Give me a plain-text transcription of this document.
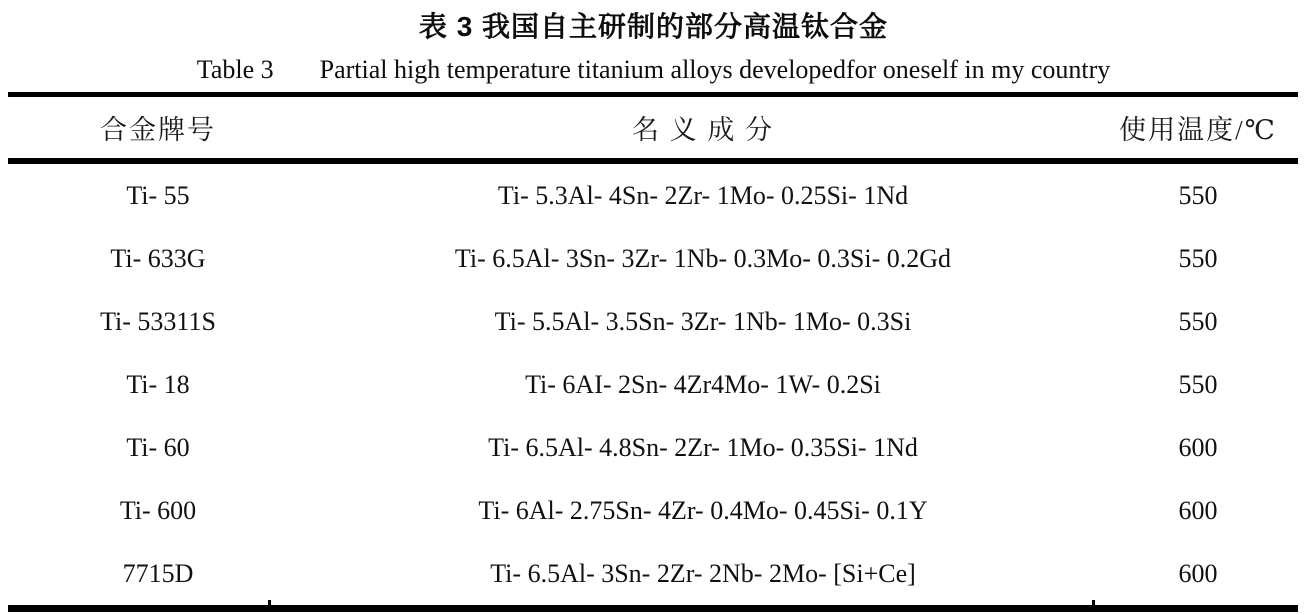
表 3 我国自主研制的部分高温钛合金
Table 3 Partial high temperature titanium alloys developedfor oneself in my country
合金牌号	名 义 成 分	使用温度/℃
Ti- 55	Ti- 5.3Al- 4Sn- 2Zr- 1Mo- 0.25Si- 1Nd	550
Ti- 633G	Ti- 6.5Al- 3Sn- 3Zr- 1Nb- 0.3Mo- 0.3Si- 0.2Gd	550
Ti- 53311S	Ti- 5.5Al- 3.5Sn- 3Zr- 1Nb- 1Mo- 0.3Si	550
Ti- 18	Ti- 6AI- 2Sn- 4Zr4Mo- 1W- 0.2Si	550
Ti- 60	Ti- 6.5Al- 4.8Sn- 2Zr- 1Mo- 0.35Si- 1Nd	600
Ti- 600	Ti- 6Al- 2.75Sn- 4Zr- 0.4Mo- 0.45Si- 0.1Y	600
7715D	Ti- 6.5Al- 3Sn- 2Zr- 2Nb- 2Mo- [Si+Ce]	600
